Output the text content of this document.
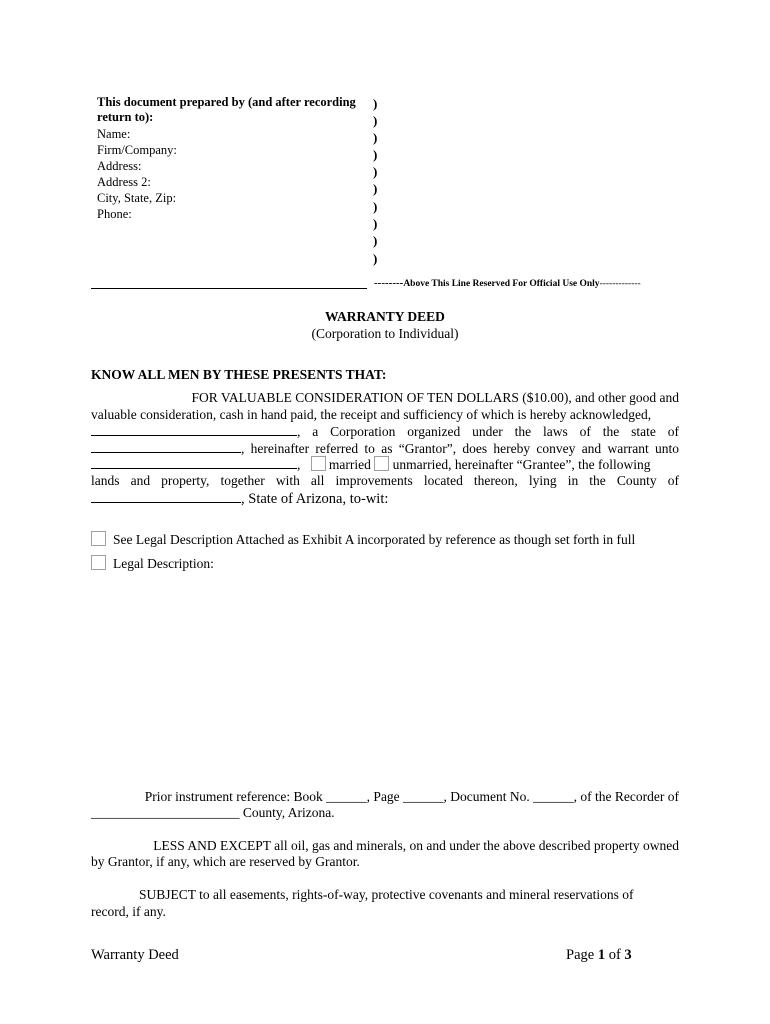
This document prepared by (and after recording return to):
Name:
Firm/Company:
Address:
Address 2:
City, State, Zip:
Phone:
)
)
)
)
)
)
)
)
)
)
--------Above This Line Reserved For Official Use Only-------------
WARRANTY DEED
(Corporation to Individual)
KNOW ALL MEN BY THESE PRESENTS THAT:
FOR VALUABLE CONSIDERATION OF TEN DOLLARS ($10.00), and other good and
valuable consideration, cash in hand paid, the receipt and sufficiency of which is hereby acknowledged,
, a Corporation organized under the laws of the state of
, hereinafter referred to as “Grantor”, does hereby convey and warrant unto
,    married unmarried, hereinafter “Grantee”, the following
lands and property, together with all improvements located thereon, lying in the County of
, State of Arizona, to-wit:
See Legal Description Attached as Exhibit A incorporated by reference as though set forth in full
Legal Description:
Prior instrument reference: Book ______, Page ______, Document No. ______, of the Recorder of
______________________ County, Arizona.
LESS AND EXCEPT all oil, gas and minerals, on and under the above described property owned
by Grantor, if any, which are reserved by Grantor.
SUBJECT to all easements, rights-of-way, protective covenants and mineral reservations of
record, if any.
Warranty Deed	Page 1 of 3
